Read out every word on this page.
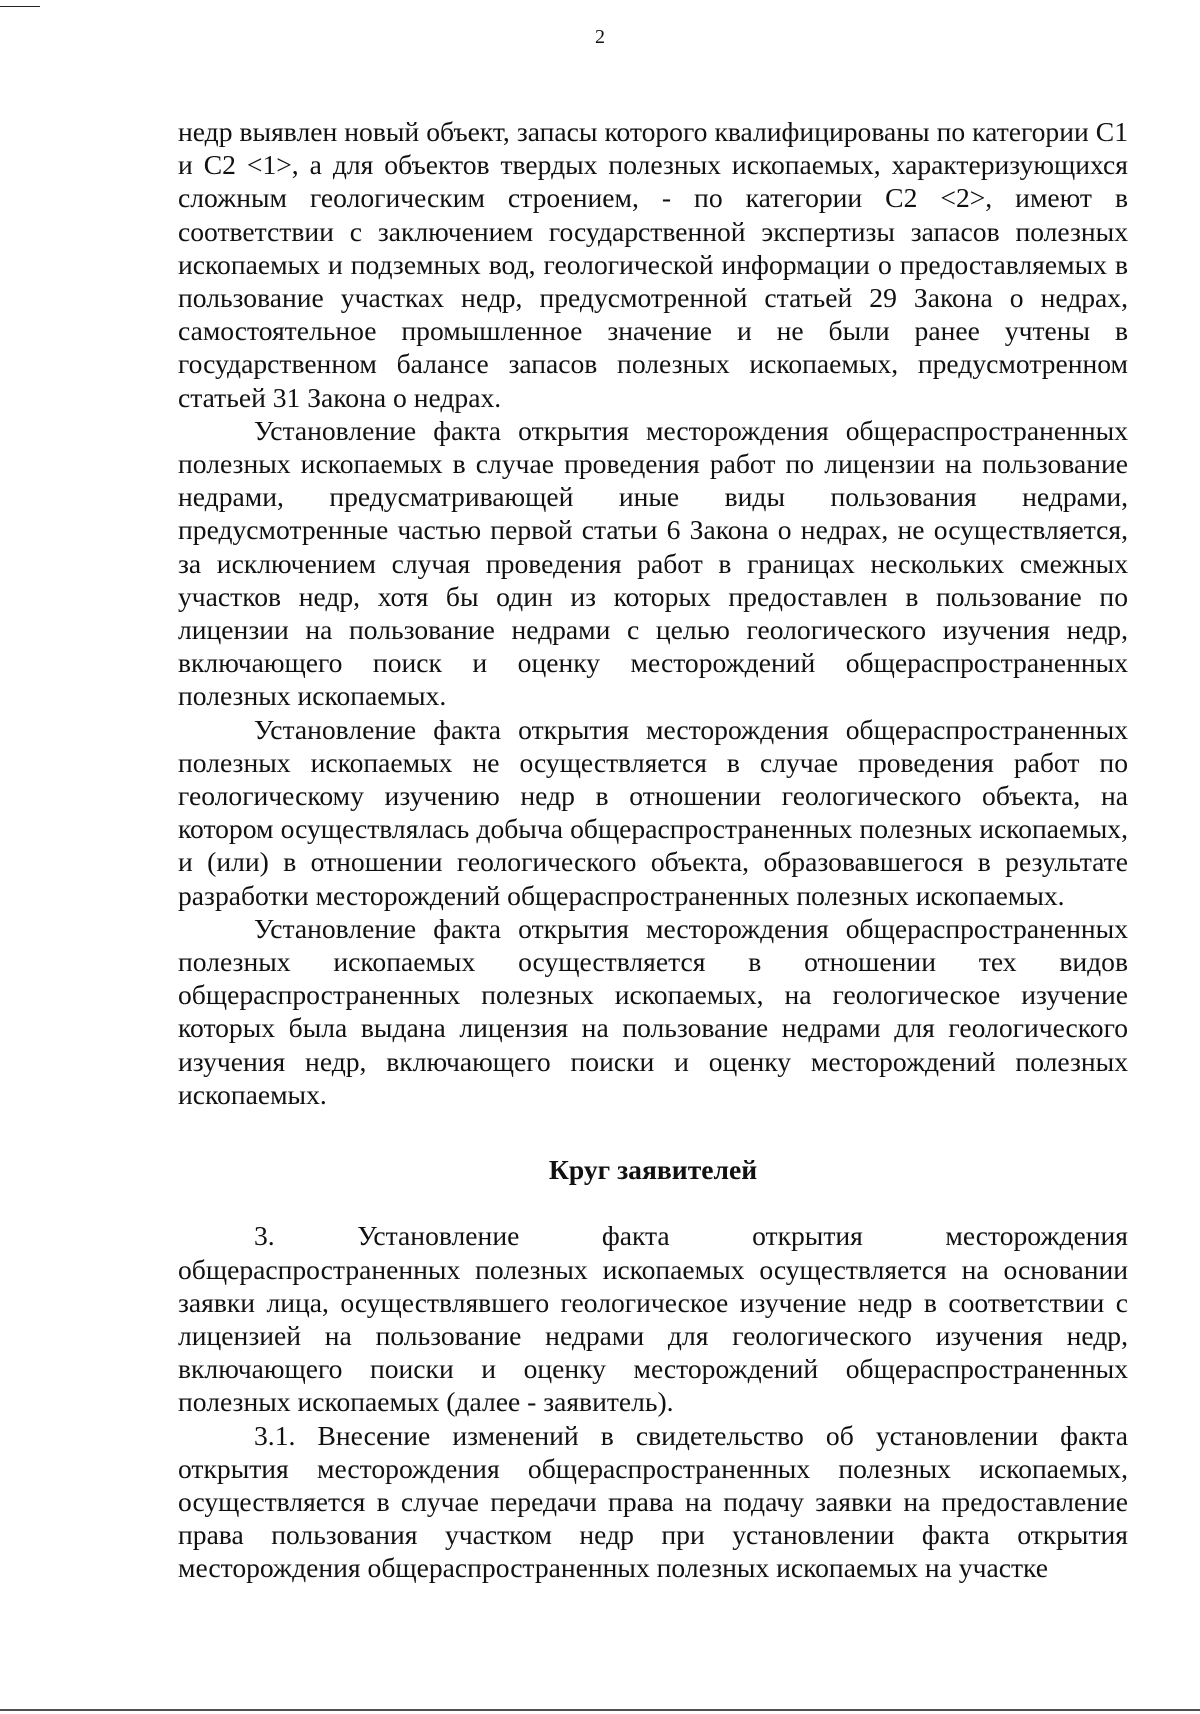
2

недр выявлен новый объект, запасы которого квалифицированы по категории С1 и С2 <1>, а для объектов твердых полезных ископаемых, характеризующихся сложным геологическим строением, - по категории С2 <2>, имеют в соответствии с заключением государственной экспертизы запасов полезных ископаемых и подземных вод, геологической информации о предоставляемых в пользование участках недр, предусмотренной статьей 29 Закона о недрах, самостоятельное промышленное значение и не были ранее учтены в государственном балансе запасов полезных ископаемых, предусмотренном статьей 31 Закона о недрах.

Установление факта открытия месторождения общераспространенных полезных ископаемых в случае проведения работ по лицензии на пользование недрами, предусматривающей иные виды пользования недрами, предусмотренные частью первой статьи 6 Закона о недрах, не осуществляется, за исключением случая проведения работ в границах нескольких смежных участков недр, хотя бы один из которых предоставлен в пользование по лицензии на пользование недрами с целью геологического изучения недр, включающего поиск и оценку месторождений общераспространенных полезных ископаемых.

Установление факта открытия месторождения общераспространенных полезных ископаемых не осуществляется в случае проведения работ по геологическому изучению недр в отношении геологического объекта, на котором осуществлялась добыча общераспространенных полезных ископаемых, и (или) в отношении геологического объекта, образовавшегося в результате разработки месторождений общераспространенных полезных ископаемых.

Установление факта открытия месторождения общераспространенных полезных ископаемых осуществляется в отношении тех видов общераспространенных полезных ископаемых, на геологическое изучение которых была выдана лицензия на пользование недрами для геологического изучения недр, включающего поиски и оценку месторождений полезных ископаемых.

Круг заявителей
3.	Установление	факта	открытия	месторождения

общераспространенных полезных ископаемых осуществляется на основании заявки лица, осуществлявшего геологическое изучение недр в соответствии с лицензией на пользование недрами для геологического изучения недр, включающего поиски и оценку месторождений общераспространенных полезных ископаемых (далее - заявитель).

3.1. Внесение изменений в свидетельство об установлении факта открытия месторождения общераспространенных полезных ископаемых, осуществляется в случае передачи права на подачу заявки на предоставление права пользования участком недр при установлении факта открытия месторождения общераспространенных полезных ископаемых на участке
